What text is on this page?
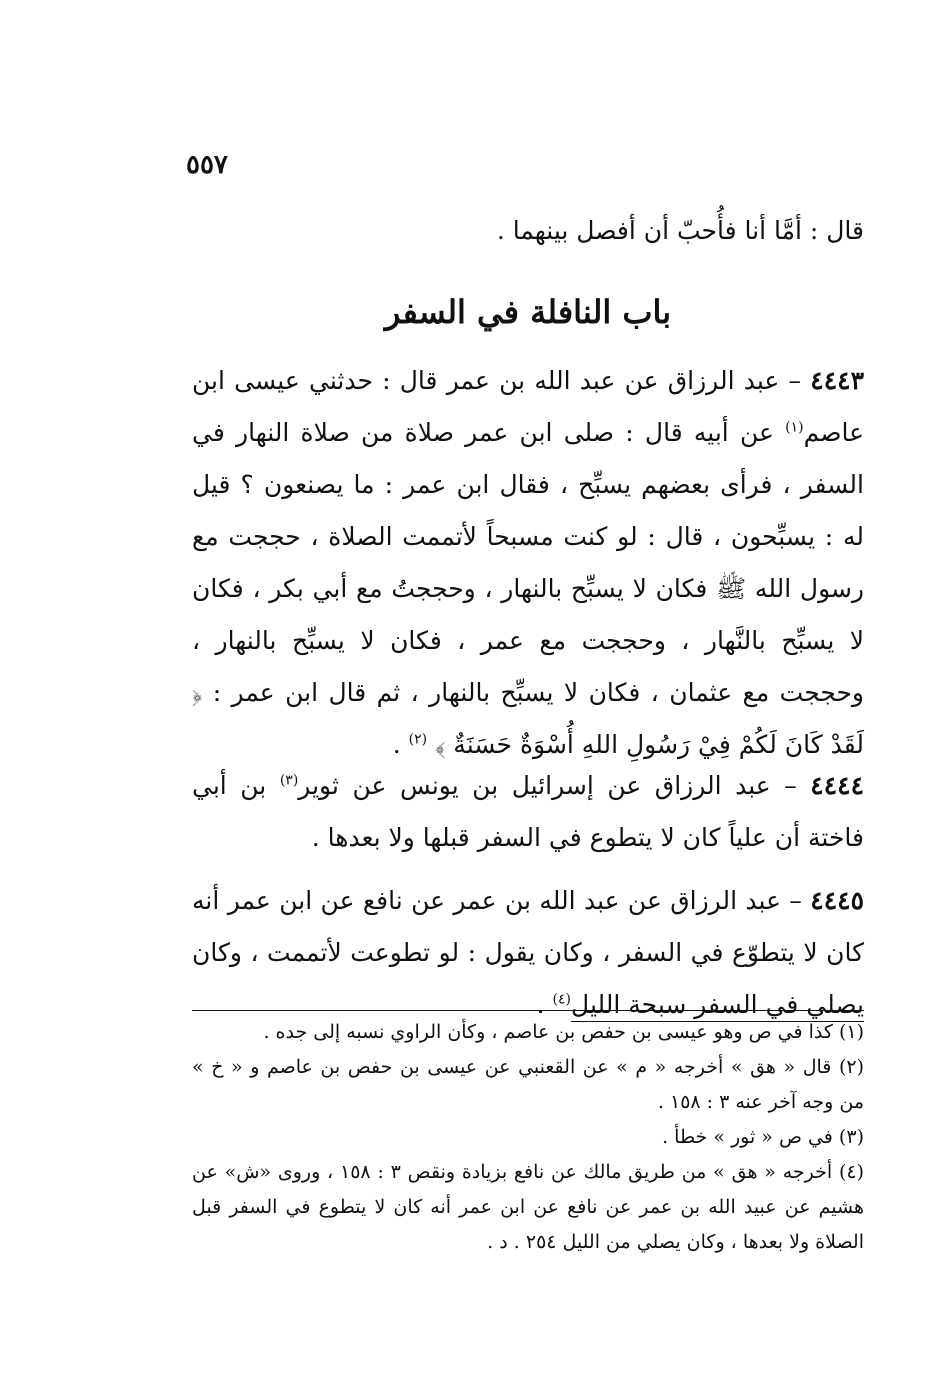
٥٥٧
قال : أمَّا أنا فأُحبّ أن أفصل بينهما .
باب النافلة في السفر
٤٤٤٣ – عبد الرزاق عن عبد الله بن عمر قال : حدثني عيسى ابن عاصم$^{(١)}$ عن أبيه قال : صلى ابن عمر صلاة من صلاة النهار في السفر ، فرأى بعضهم يسبِّح ، فقال ابن عمر : ما يصنعون ؟ قيل له : يسبِّحون ، قال : لو كنت مسبحاً لأتممت الصلاة ، حججت مع رسول الله ﷺ فكان لا يسبِّح بالنهار ، وحججتُ مع أبي بكر ، فكان لا يسبِّح بالنَّهار ، وحججت مع عمر ، فكان لا يسبِّح بالنهار ، وحججت مع عثمان ، فكان لا يسبِّح بالنهار ، ثم قال ابن عمر : ﴿ لَقَدْ كَانَ لَكُمْ فِيْ رَسُولِ اللهِ أُسْوَةٌ حَسَنَةٌ ﴾ $^{(٢)}$ .
٤٤٤٤ – عبد الرزاق عن إسرائيل بن يونس عن ثوير$^{(٣)}$ بن أبي فاختة أن علياً كان لا يتطوع في السفر قبلها ولا بعدها .
٤٤٤٥ – عبد الرزاق عن عبد الله بن عمر عن نافع عن ابن عمر أنه كان لا يتطوّع في السفر ، وكان يقول : لو تطوعت لأتممت ، وكان يصلي في السفر سبحة الليل$^{(٤)}$ .

(١) كذا في ص وهو عيسى بن حفص بن عاصم ، وكأن الراوي نسبه إلى جده .

(٢) قال « هق » أخرجه « م » عن القعنبي عن عيسى بن حفص بن عاصم و « خ » من وجه آخر عنه ٣ : ١٥٨ .

(٣) في ص « ثور » خطأ .

(٤) أخرجه « هق » من طريق مالك عن نافع بزيادة ونقص ٣ : ١٥٨ ، وروى «ش» عن هشيم عن عبيد الله بن عمر عن نافع عن ابن عمر أنه كان لا يتطوع في السفر قبل الصلاة ولا بعدها ، وكان يصلي من الليل ٢٥٤ . د .
